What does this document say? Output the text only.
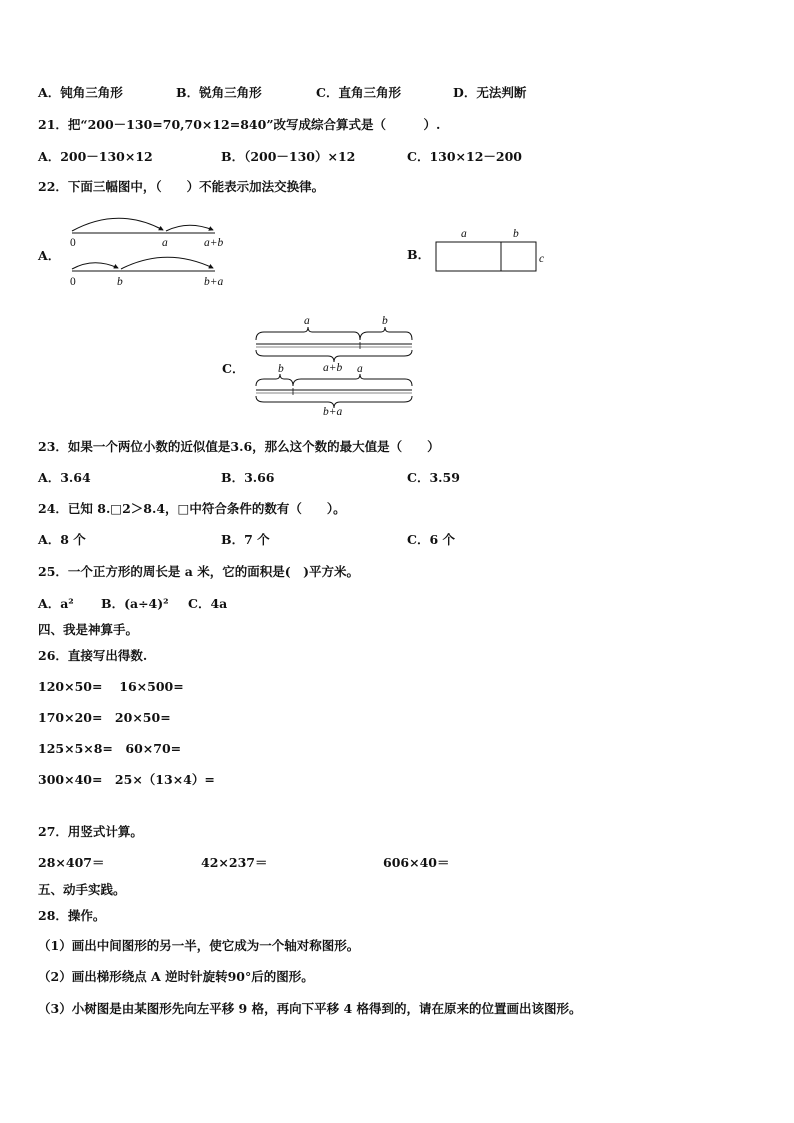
A．钝角三角形	B．锐角三角形	C．直角三角形	D．无法判断
21．把“200－130=70,70×12=840”改写成综合算式是（　　　）.
A．200－130×12	B．（200－130）×12	C．130×12－200
22．下面三幅图中，（　　）不能表示加法交换律。
A．
0	a	a+b
0	b	b+a
B．
a	b
c
C．
a	b
a+b
b	a
b+a
23．如果一个两位小数的近似值是3.6，那么这个数的最大值是（　　）
A．3.64	B．3.66	C．3.59
24．已知 8.□2＞8.4，□中符合条件的数有（　　）。
A．8 个	B．7 个	C．6 个
25．一个正方形的周长是 a 米，它的面积是(　)平方米。
A．a² B．(a÷4)² C．4a
四、我是神算手。
26．直接写出得数.
120×50=　 16×500=
170×20=　20×50=
125×5×8=　60×70=
300×40=　25×（13×4）=
27．用竖式计算。
28×407＝	42×237＝	606×40＝
五、动手实践。
28．操作。
（1）画出中间图形的另一半，使它成为一个轴对称图形。
（2）画出梯形绕点 A 逆时针旋转90°后的图形。
（3）小树图是由某图形先向左平移 9 格，再向下平移 4 格得到的，请在原来的位置画出该图形。
